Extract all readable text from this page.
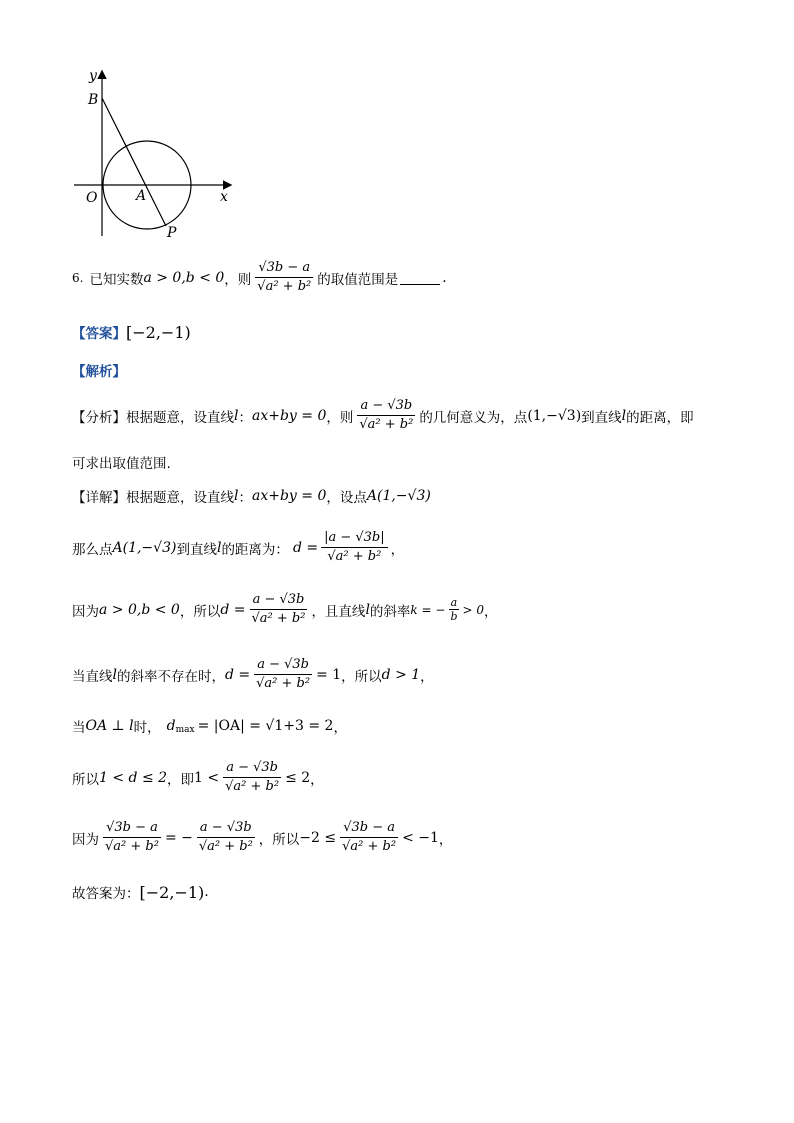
y
x
B
O	A
P
6. 已知实数 a > 0,b < 0 ，则 $\frac{√3b - a}{\text{√a² + b²}}$ 的取值范围是	.
【答案】 [−2,−1)
【解析】
【分析】 根据题意，设直线 l ： ax+by = 0 ，则 $\frac{a - √3b}{\text{√a² + b²}}$ 的几何意义为，点 (1,−√3) 到直线 l 的距离，即
可求出取值范围.
【详解】 根据题意，设直线 l ： ax+by = 0 ，设点 A(1,−√3)
那么点 A(1,−√3) 到直线 l 的距离为： $d = \frac{|a - √3b|}{\text{√a² + b²}}$ ，
因为 a > 0,b < 0 ，所以 $d = \frac{a - √3b}{\text{√a² + b²}}$ ，且直线 l 的斜率 k = − $\frac{a}{b} > 0$ ，
当直线 l 的斜率不存在时， $d = \frac{a - √3b}{\text{√a² + b²}} = 1$ ，所以 d > 1 ，
当 OA ⊥ l 时， d max = |OA| = √1+3 = 2 ，
所以 1 < d ≤ 2 ，即 $1 < \frac{a - √3b}{\text{√a² + b²}} \le 2$ ，
因为 $\frac{√3b - a}{\text{√a² + b²}}$ = − $\frac{a - √3b}{\text{√a² + b²}}$ ，所以 $-2 \le \frac{√3b - a}{\text{√a² + b²}} < -1$ ，
故答案为： [−2,−1) .
